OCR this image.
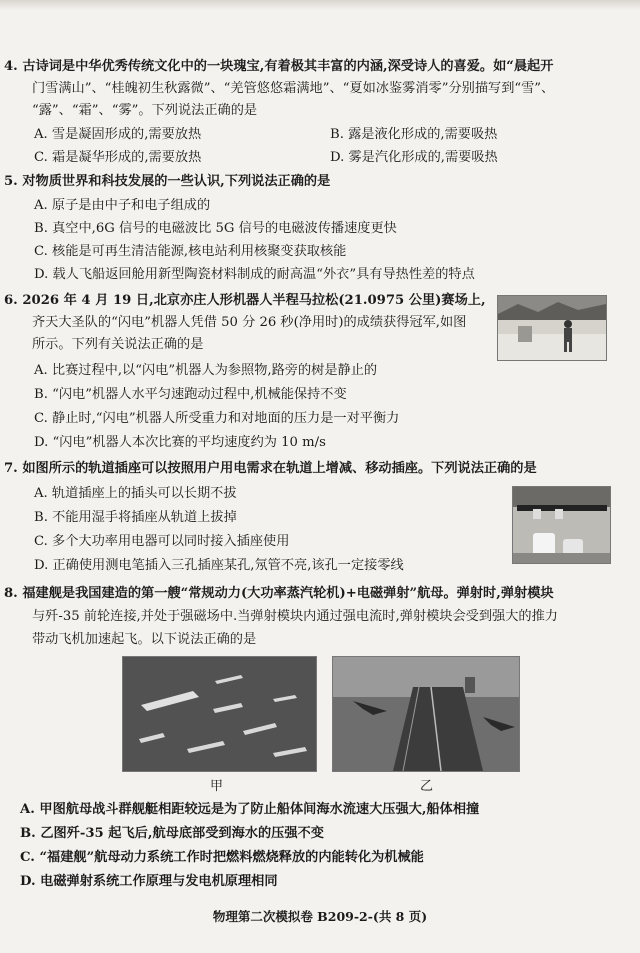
4. 古诗词是中华优秀传统文化中的一块瑰宝,有着极其丰富的内涵,深受诗人的喜爱。如“晨起开
门雪满山”、“桂魄初生秋露微”、“羌管悠悠霜满地”、“夏如冰鉴雾消零”分别描写到“雪”、
“露”、“霜”、“雾”。下列说法正确的是
A. 雪是凝固形成的,需要放热	B. 露是液化形成的,需要吸热
C. 霜是凝华形成的,需要放热	D. 雾是汽化形成的,需要吸热
5. 对物质世界和科技发展的一些认识,下列说法正确的是
A. 原子是由中子和电子组成的
B. 真空中,6G 信号的电磁波比 5G 信号的电磁波传播速度更快
C. 核能是可再生清洁能源,核电站利用核聚变获取核能
D. 载人飞船返回舱用新型陶瓷材料制成的耐高温“外衣”具有导热性差的特点
6. 2026 年 4 月 19 日,北京亦庄人形机器人半程马拉松(21.0975 公里)赛场上,
齐天大圣队的“闪电”机器人凭借 50 分 26 秒(净用时)的成绩获得冠军,如图
所示。下列有关说法正确的是
A. 比赛过程中,以“闪电”机器人为参照物,路旁的树是静止的
B. “闪电”机器人水平匀速跑动过程中,机械能保持不变
C. 静止时,“闪电”机器人所受重力和对地面的压力是一对平衡力
D. “闪电”机器人本次比赛的平均速度约为 10 m/s
7. 如图所示的轨道插座可以按照用户用电需求在轨道上增减、移动插座。下列说法正确的是
A. 轨道插座上的插头可以长期不拔
B. 不能用湿手将插座从轨道上拔掉
C. 多个大功率用电器可以同时接入插座使用
D. 正确使用测电笔插入三孔插座某孔,氖管不亮,该孔一定接零线
8. 福建舰是我国建造的第一艘“常规动力(大功率蒸汽轮机)+电磁弹射”航母。弹射时,弹射模块
与歼-35 前轮连接,并处于强磁场中.当弹射模块内通过强电流时,弹射模块会受到强大的推力
带动飞机加速起飞。以下说法正确的是
甲	乙
A. 甲图航母战斗群舰艇相距较远是为了防止船体间海水流速大压强大,船体相撞
B. 乙图歼-35 起飞后,航母底部受到海水的压强不变
C. “福建舰”航母动力系统工作时把燃料燃烧释放的内能转化为机械能
D. 电磁弹射系统工作原理与发电机原理相同
物理第二次模拟卷 B209-2-(共 8 页)
